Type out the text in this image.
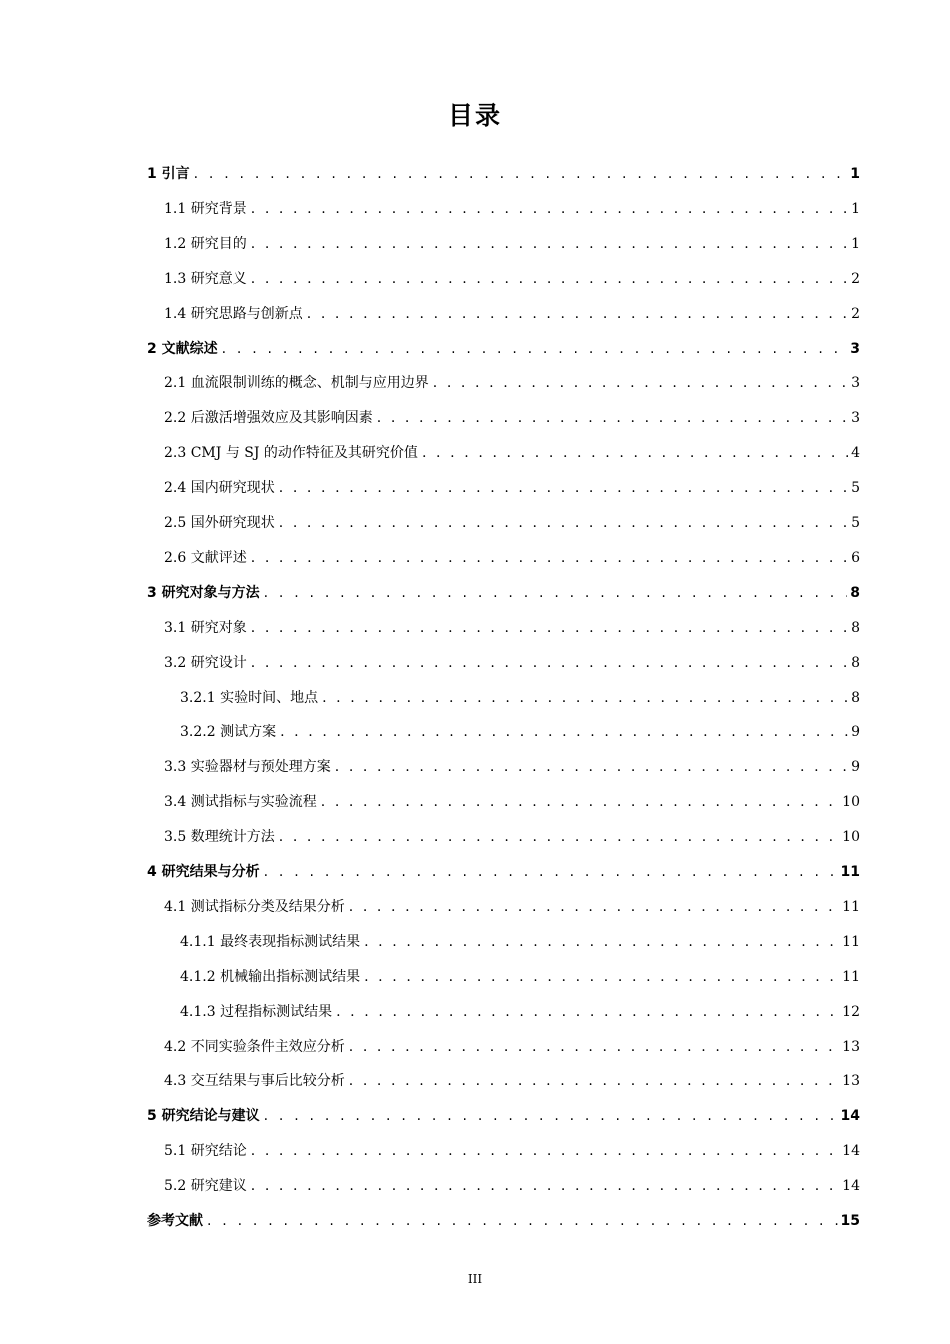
目录
1 引言 . . .	1
1.1 研究背景 . . .	1
1.2 研究目的 . . .	1
1.3 研究意义 . . .	2
1.4 研究思路与创新点 . . .	2
2 文献综述 . . .	3
2.1 血流限制训练的概念、机制与应用边界 . . .	3
2.2 后激活增强效应及其影响因素 . . .	3
2.3 CMJ 与 SJ 的动作特征及其研究价值 . . .	4
2.4 国内研究现状 . . .	5
2.5 国外研究现状 . . .	5
2.6 文献评述 . . .	6
3 研究对象与方法 . . .	8
3.1 研究对象 . . .	8
3.2 研究设计 . . .	8
3.2.1 实验时间、地点 . . .	8
3.2.2 测试方案 . . .	9
3.3 实验器材与预处理方案 . . .	9
3.4 测试指标与实验流程 . . .	10
3.5 数理统计方法 . . .	10
4 研究结果与分析 . . .	11
4.1 测试指标分类及结果分析 . . .	11
4.1.1 最终表现指标测试结果 . . .	11
4.1.2 机械输出指标测试结果 . . .	11
4.1.3 过程指标测试结果 . . .	12
4.2 不同实验条件主效应分析 . . .	13
4.3 交互结果与事后比较分析 . . .	13
5 研究结论与建议 . . .	14
5.1 研究结论 . . .	14
5.2 研究建议 . . .	14
参考文献 . . .	15
III
